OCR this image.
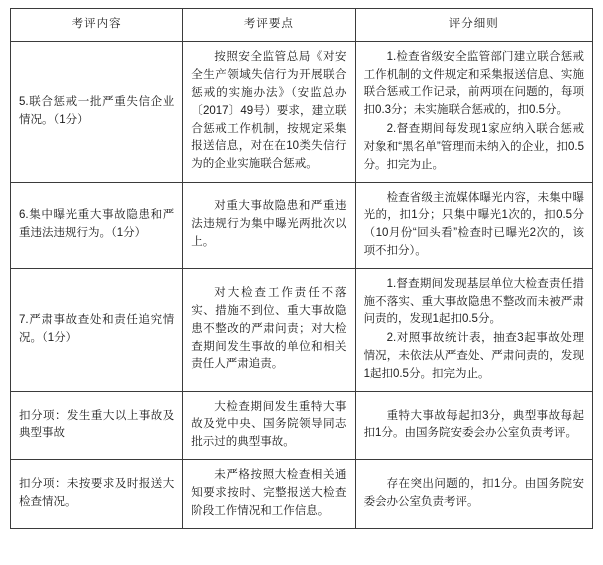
考评内容	考评要点	评分细则

5.联合惩戒一批严重失信企业情况。（1分）	按照安全监管总局《对安全生产领域失信行为开展联合惩戒的实施办法》（安监总办〔2017〕49号）要求，建立联合惩戒工作机制，按规定采集报送信息，对在在10类失信行为的企业实施联合惩戒。	1.检查省级安全监管部门建立联合惩戒工作机制的文件规定和采集报送信息、实施联合惩戒工作记录，前两项在问题的，每项扣0.3分；未实施联合惩戒的，扣0.5分。

2.督查期间每发现1家应纳入联合惩戒对象和“黑名单”管理而未纳入的企业，扣0.5分。扣完为止。

6.集中曝光重大事故隐患和严重违法违规行为。（1分）	对重大事故隐患和严重违法违规行为集中曝光两批次以上。	检查省级主流媒体曝光内容，未集中曝光的，扣1分；只集中曝光1次的，扣0.5分（10月份“回头看”检查时已曝光2次的，该项不扣分）。

7.严肃事故查处和责任追究情况。（1分）	对大检查工作责任不落实、措施不到位、重大事故隐患不整改的严肃问责；对大检查期间发生事故的单位和相关责任人严肃追责。	1.督查期间发现基层单位大检查责任措施不落实、重大事故隐患不整改而未被严肃问责的，发现1起扣0.5分。

2.对照事故统计表，抽查3起事故处理情况，未依法从严查处、严肃问责的，发现1起扣0.5分。扣完为止。

扣分项：发生重大以上事故及典型事故	大检查期间发生重特大事故及党中央、国务院领导同志批示过的典型事故。	重特大事故每起扣3分，典型事故每起扣1分。由国务院安委会办公室负责考评。

扣分项：未按要求及时报送大检查情况。	未严格按照大检查相关通知要求按时、完整报送大检查阶段工作情况和工作信息。	存在突出问题的，扣1分。由国务院安委会办公室负责考评。
